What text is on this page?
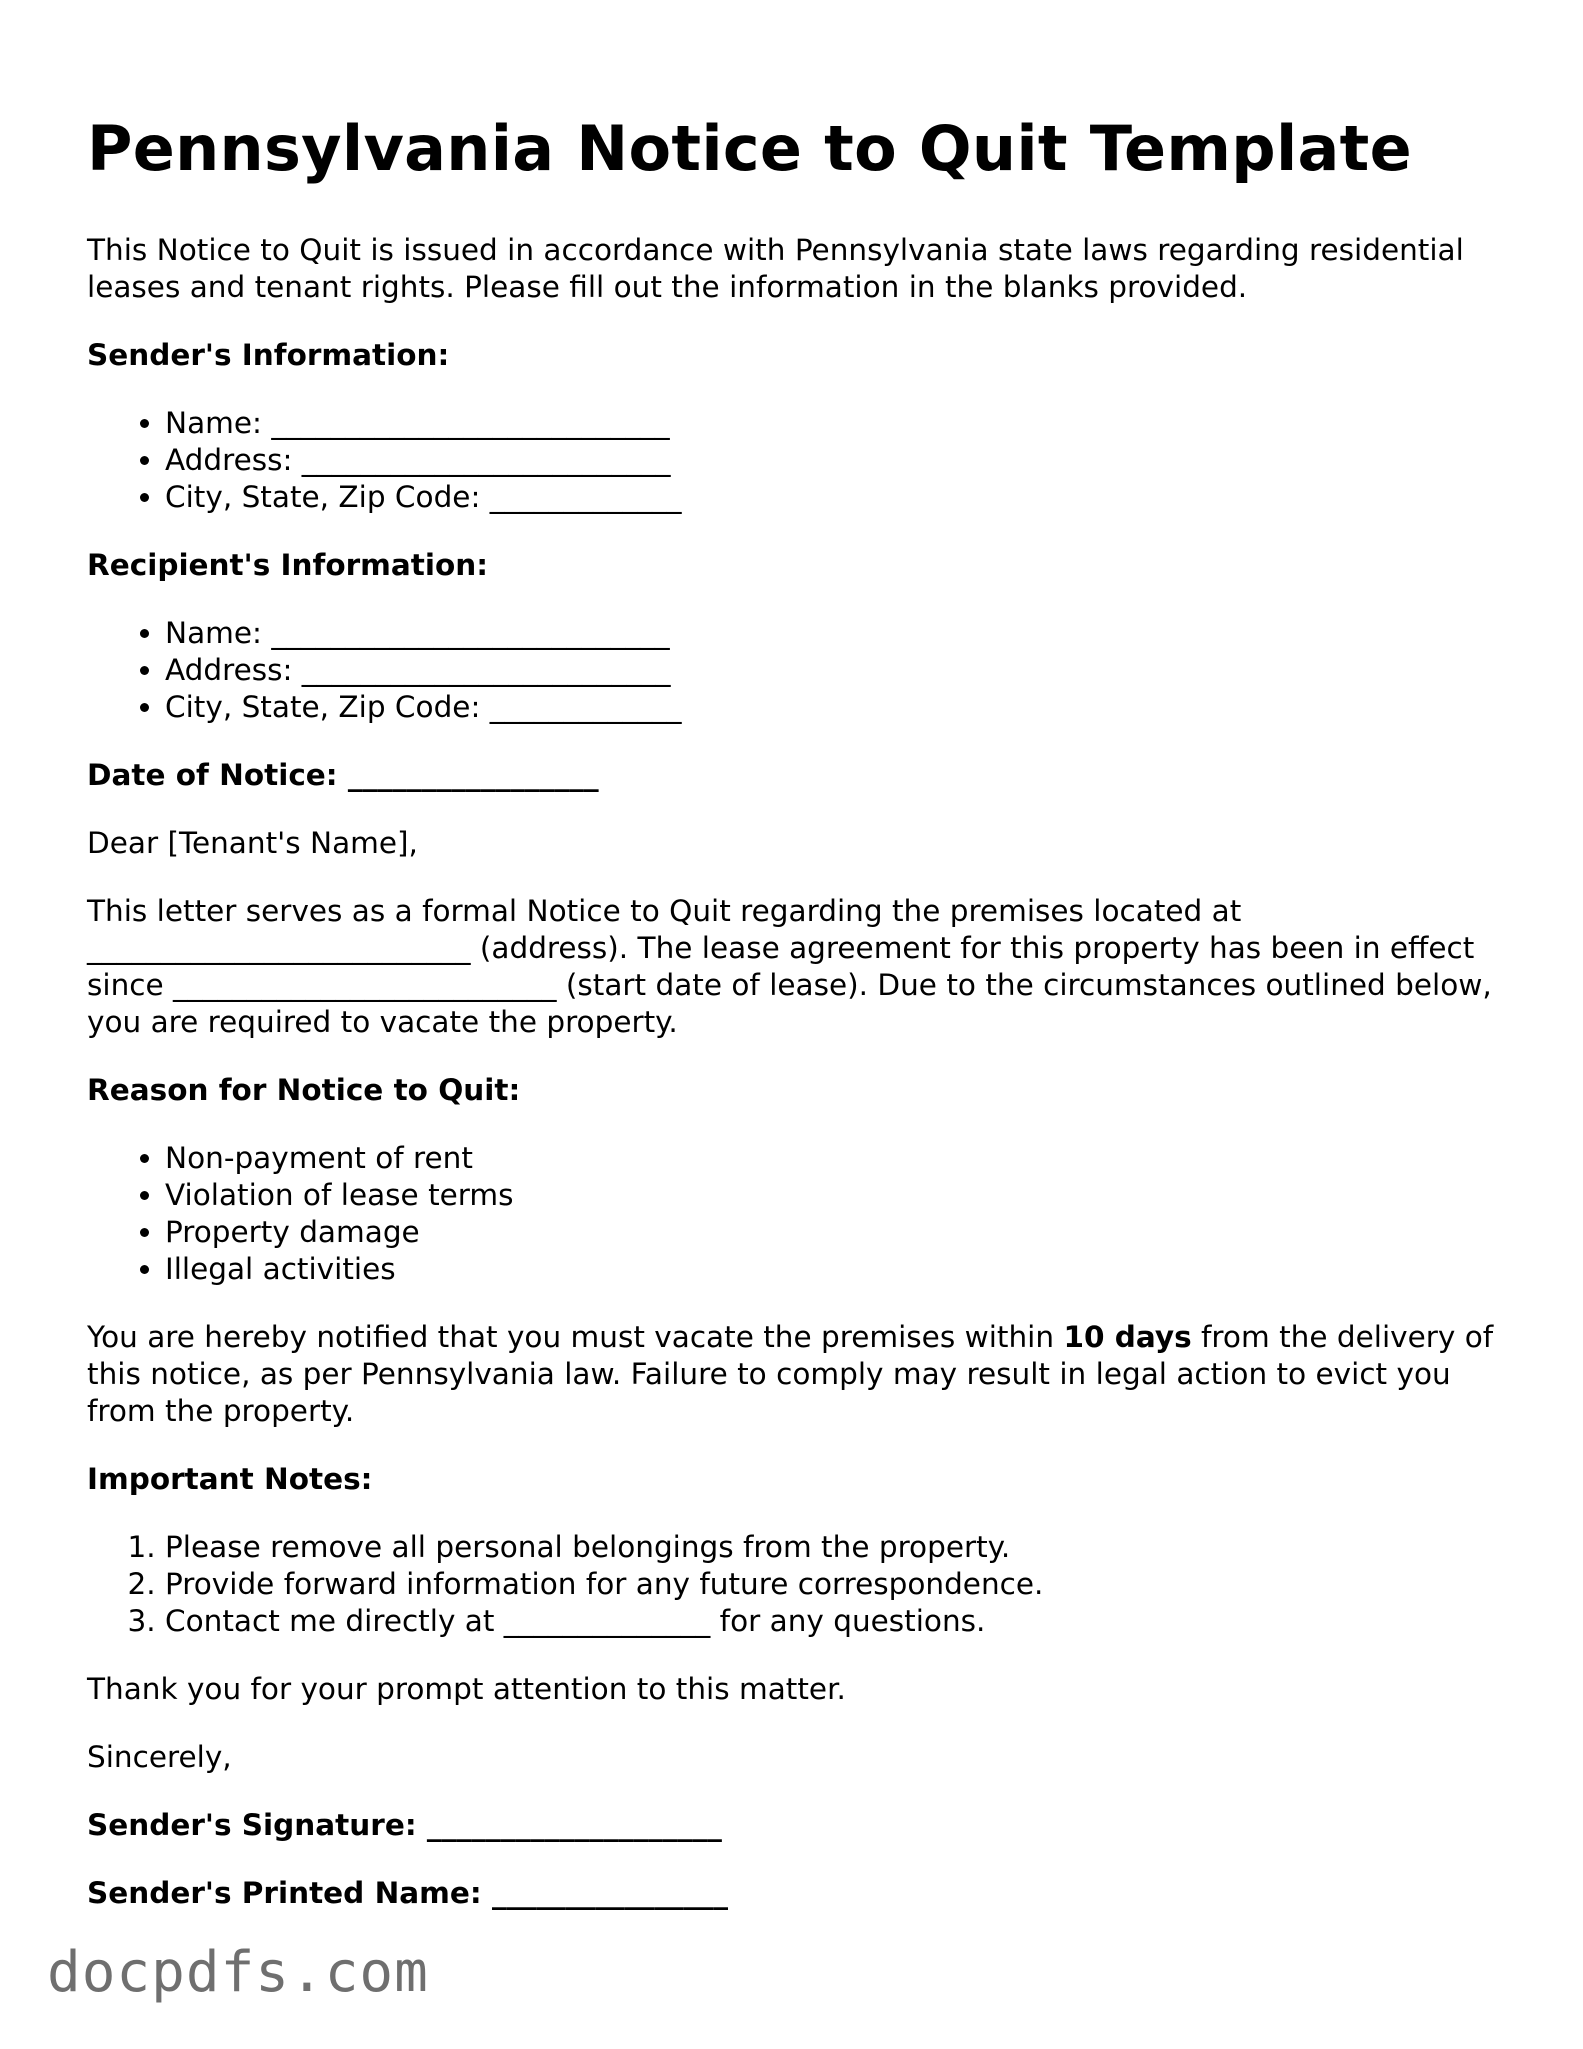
Pennsylvania Notice to Quit Template

This Notice to Quit is issued in accordance with Pennsylvania state laws regarding residential leases and tenant rights. Please fill out the information in the blanks provided.

Sender's Information:

• Name: ___________________________
• Address: _________________________
• City, State, Zip Code: _____________

Recipient's Information:

• Name: ___________________________
• Address: _________________________
• City, State, Zip Code: _____________

Date of Notice: _________________

Dear [Tenant's Name],

This letter serves as a formal Notice to Quit regarding the premises located at __________________________ (address). The lease agreement for this property has been in effect since __________________________ (start date of lease). Due to the circumstances outlined below, you are required to vacate the property.

Reason for Notice to Quit:

• Non-payment of rent
• Violation of lease terms
• Property damage
• Illegal activities

You are hereby notified that you must vacate the premises within 10 days from the delivery of this notice, as per Pennsylvania law. Failure to comply may result in legal action to evict you from the property.

Important Notes:

1. Please remove all personal belongings from the property.
2. Provide forward information for any future correspondence.
3. Contact me directly at ______________ for any questions.

Thank you for your prompt attention to this matter.

Sincerely,

Sender's Signature: ____________________

Sender's Printed Name: ________________

docpdfs.com
